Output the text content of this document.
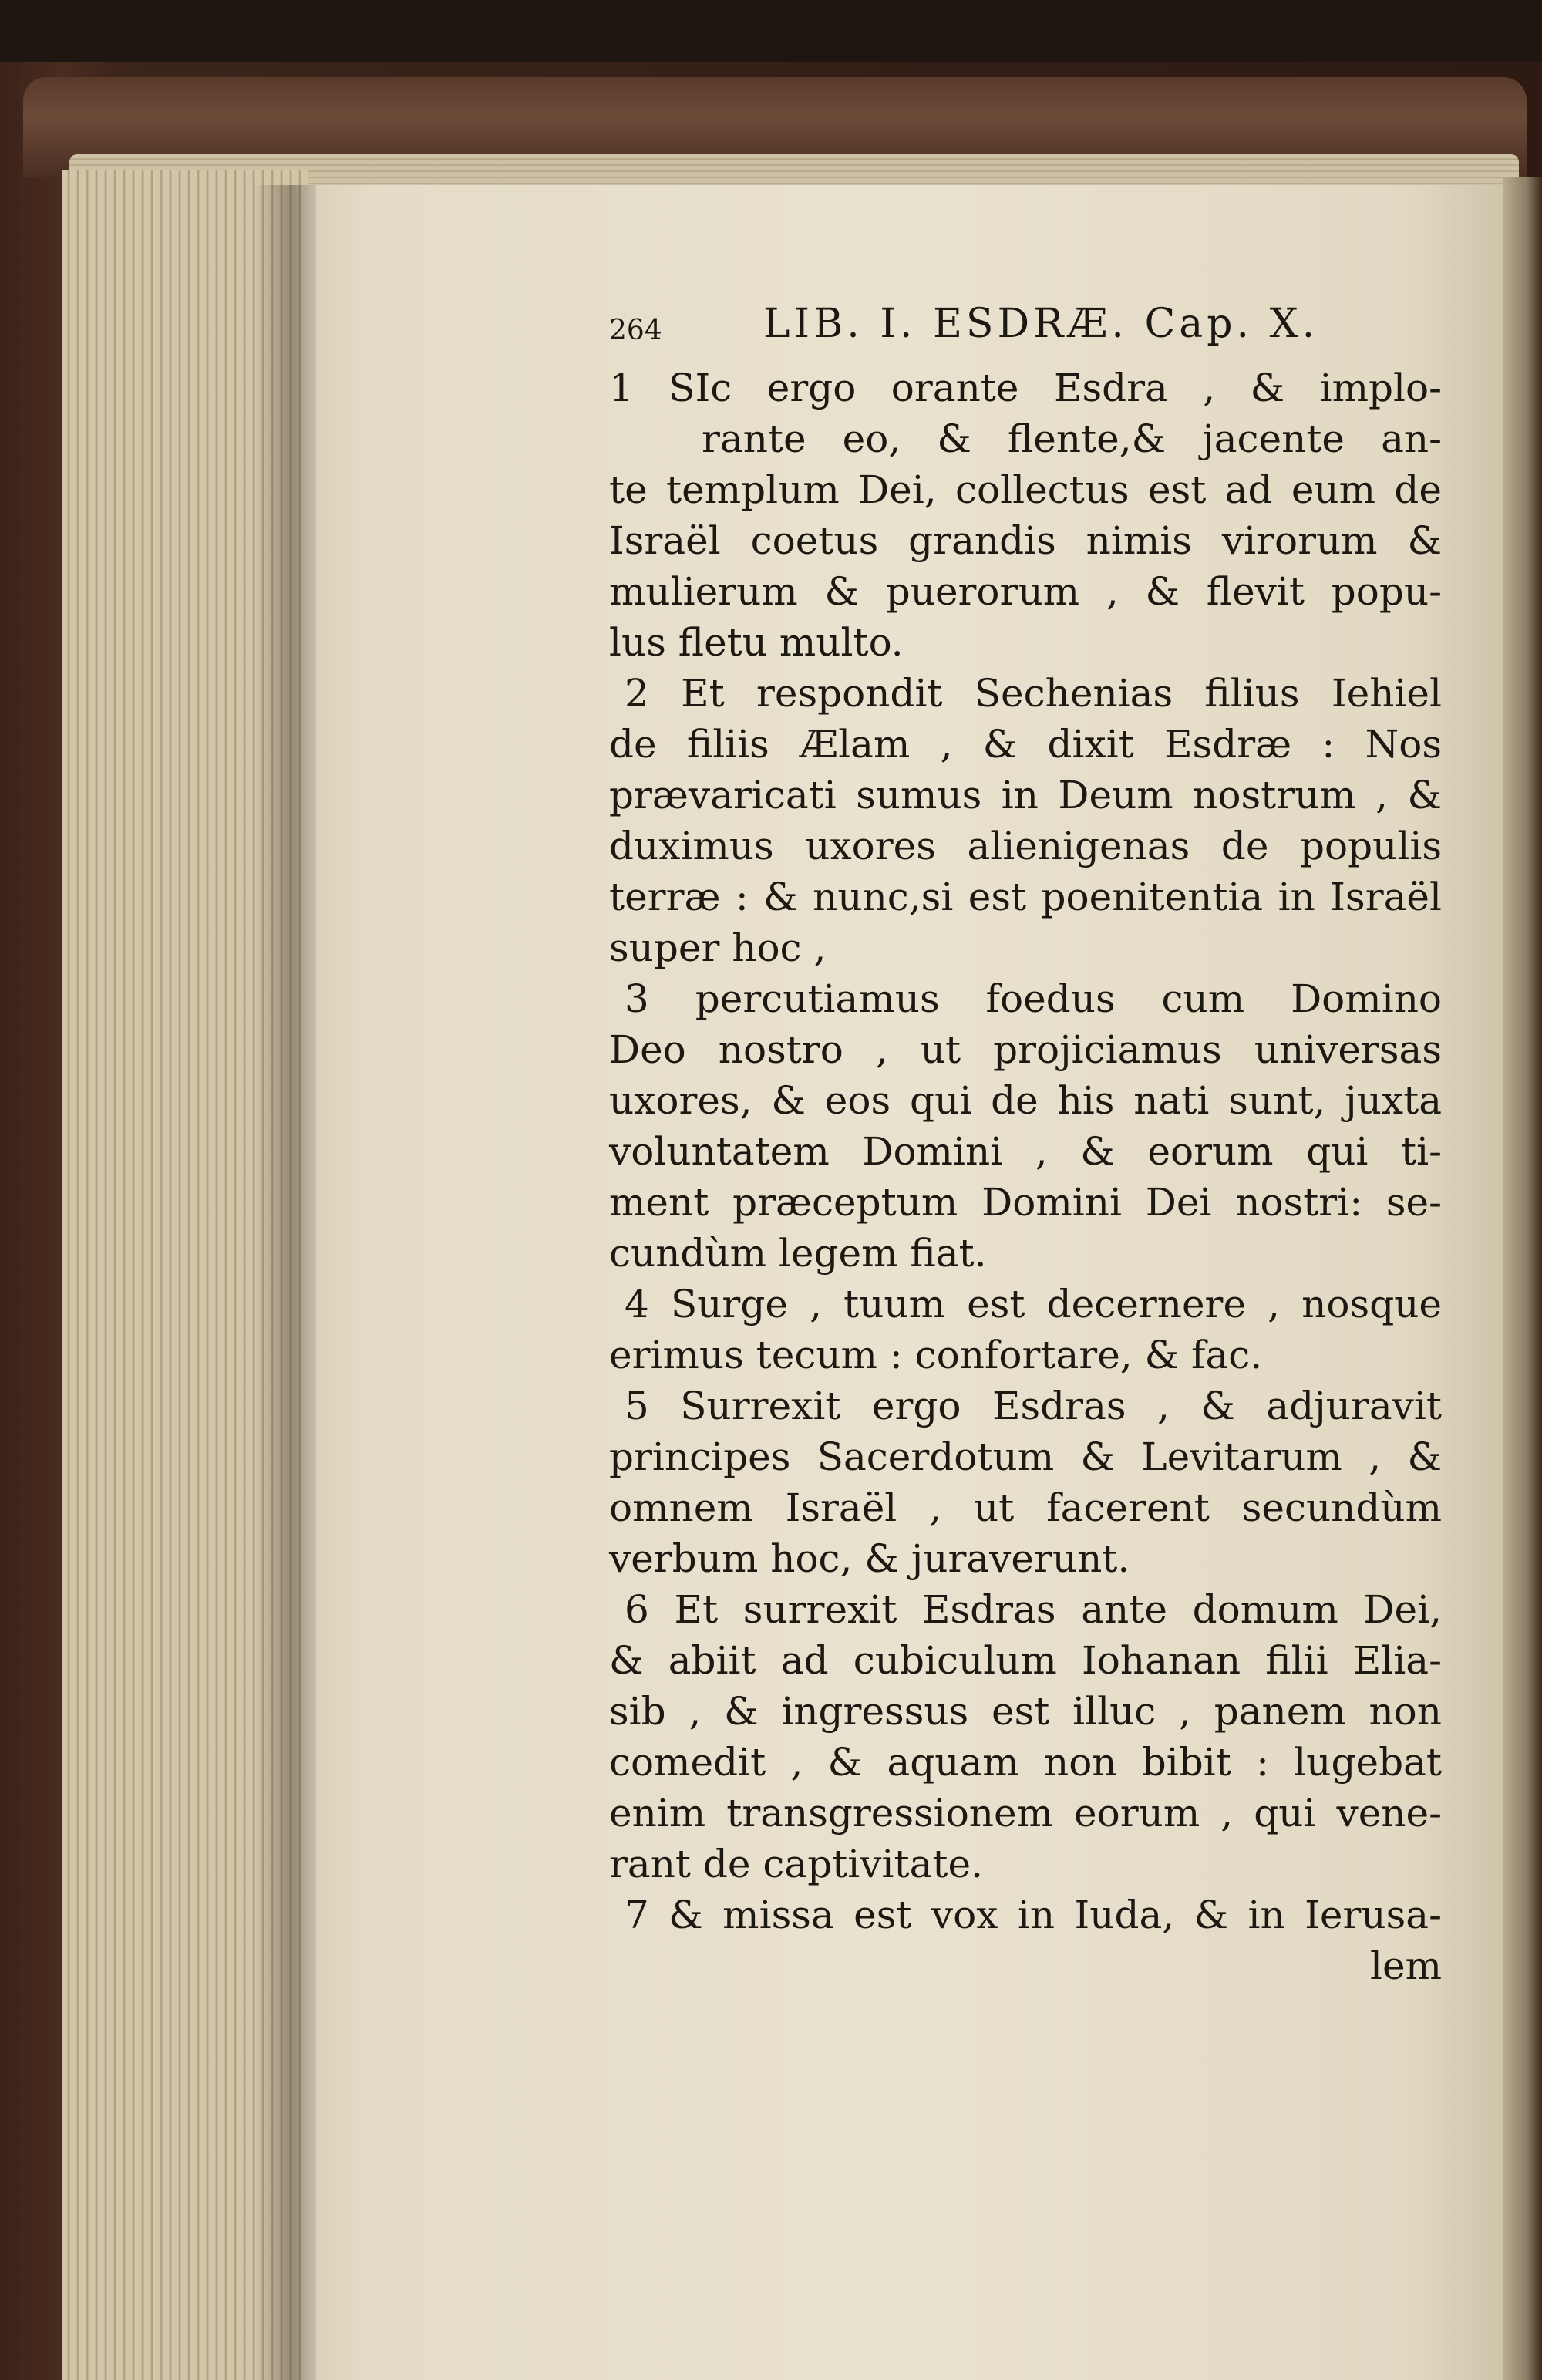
264	LIB. I. ESDRÆ. Cap. X.
1 SIc ergo orante Esdra , & implo-
rante eo, & flente,& jacente an-
te templum Dei, collectus est ad eum de
Israël coetus grandis nimis virorum &
mulierum & puerorum , & flevit popu-
lus fletu multo.
2 Et respondit Sechenias filius Iehiel
de filiis Ælam , & dixit Esdræ : Nos
prævaricati sumus in Deum nostrum , &
duximus uxores alienigenas de populis
terræ : & nunc,si est poenitentia in Israël
super hoc ,
3 percutiamus foedus cum Domino
Deo nostro , ut projiciamus universas
uxores, & eos qui de his nati sunt, juxta
voluntatem Domini , & eorum qui ti-
ment præceptum Domini Dei nostri: se-
cundùm legem fiat.
4 Surge , tuum est decernere , nosque
erimus tecum : confortare, & fac.
5 Surrexit ergo Esdras , & adjuravit
principes Sacerdotum & Levitarum , &
omnem Israël , ut facerent secundùm
verbum hoc, & juraverunt.
6 Et surrexit Esdras ante domum Dei,
& abiit ad cubiculum Iohanan filii Elia-
sib , & ingressus est illuc , panem non
comedit , & aquam non bibit : lugebat
enim transgressionem eorum , qui vene-
rant de captivitate.
7 & missa est vox in Iuda, & in Ierusa-
lem
